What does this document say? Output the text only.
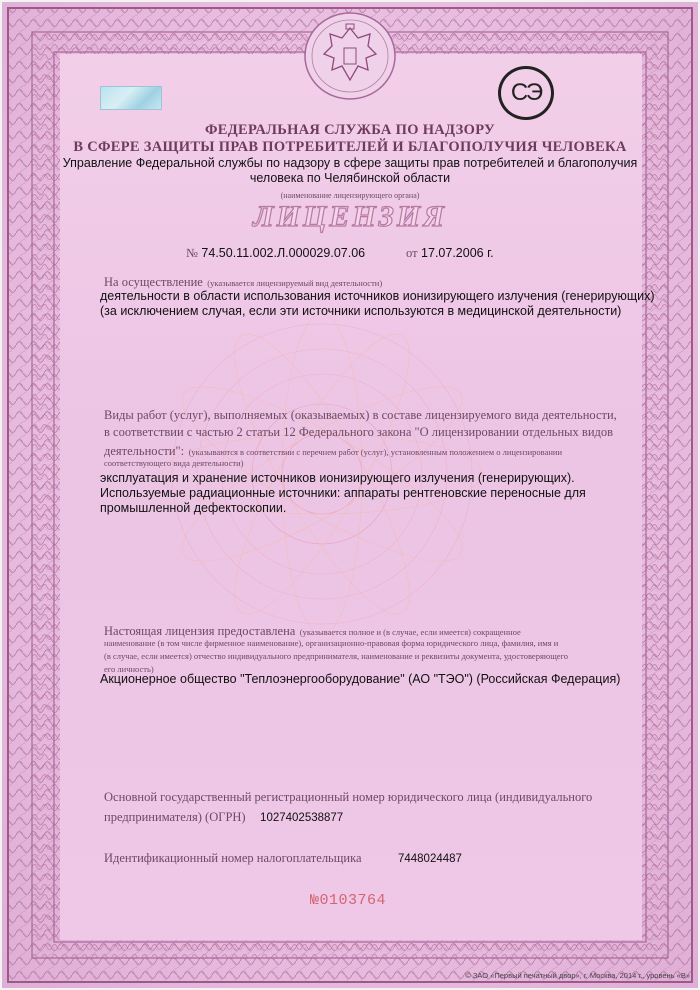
СЭ
ФЕДЕРАЛЬНАЯ СЛУЖБА ПО НАДЗОРУ
В СФЕРЕ ЗАЩИТЫ ПРАВ ПОТРЕБИТЕЛЕЙ И БЛАГОПОЛУЧИЯ ЧЕЛОВЕКА
Управление Федеральной службы по надзору в сфере защиты прав потребителей и благополучия
человека по Челябинской области
(наименование лицензирующего органа)
ЛИЦЕНЗИЯ
№ 74.50.11.002.Л.000029.07.06	от 17.07.2006 г.
На осуществление (указывается лицензируемый вид деятельности)
деятельности в области использования источников ионизирующего излучения (генерирующих)
(за исключением случая, если эти источники используются в медицинской деятельности)
Виды работ (услуг), выполняемых (оказываемых) в составе лицензируемого вида деятельности,
в соответствии с частью 2 статьи 12 Федерального закона "О лицензировании отдельных видов
деятельности": (указываются в соответствии с перечнем работ (услуг), установленным положением о лицензировании
соответствующего вида деятельности)
эксплуатация и хранение источников ионизирующего излучения (генерирующих).
Используемые радиационные источники: аппараты рентгеновские переносные для
промышленной дефектоскопии.
Настоящая лицензия предоставлена (указывается полное и (в случае, если имеется) сокращенное
наименование (в том числе фирменное наименование), организационно-правовая форма юридического лица, фамилия, имя и
(в случае, если имеется) отчество индивидуального предпринимателя, наименование и реквизиты документа, удостоверяющего
его личность)
Акционерное общество "Теплоэнергооборудование" (АО "ТЭО") (Российская Федерация)
Основной государственный регистрационный номер юридического лица (индивидуального
предпринимателя) (ОГРН) 1027402538877
Идентификационный номер налогоплательщика	7448024487
№0103764
© ЗАО «Первый печатный двор», г. Москва, 2014 г., уровень «В»
